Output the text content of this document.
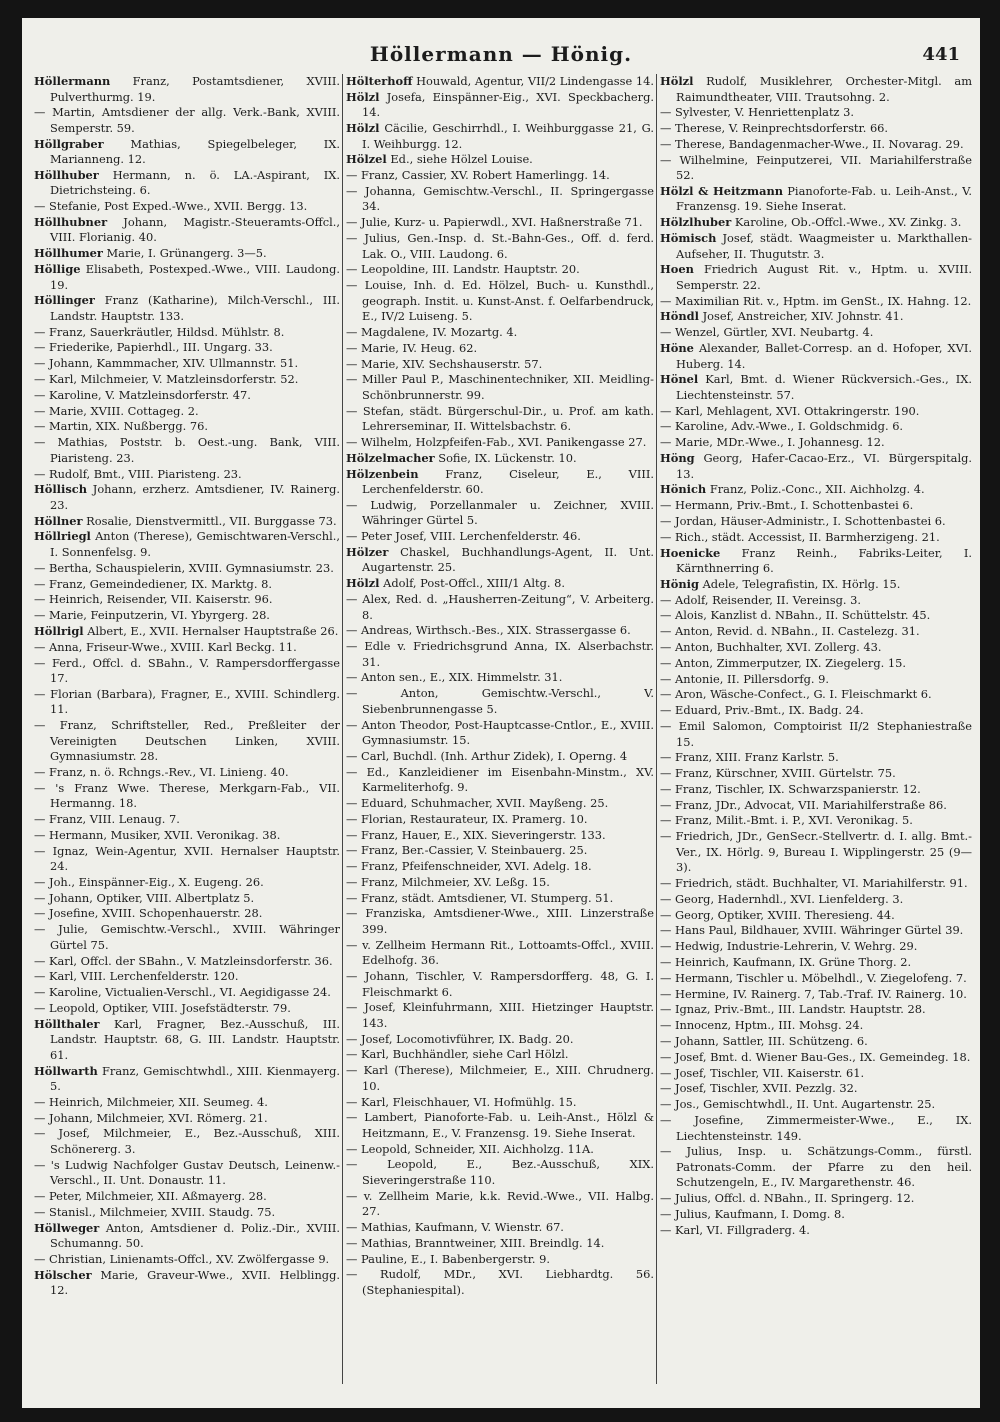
Höllermann — Hönig.	441

Höllermann Franz, Postamtsdiener, XVIII. Pulverthurmg. 19.

— Martin, Amtsdiener der allg. Verk.-Bank, XVIII. Semperstr. 59.

Höllgraber Mathias, Spiegelbeleger, IX. Marianneng. 12.

Höllhuber Hermann, n. ö. LA.-Aspirant, IX. Dietrichsteing. 6.

— Stefanie, Post Exped.-Wwe., XVII. Bergg. 13.

Höllhubner Johann, Magistr.-Steueramts-Offcl., VIII. Florianig. 40.

Höllhumer Marie, I. Grünangerg. 3—5.

Höllige Elisabeth, Postexped.-Wwe., VIII. Laudong. 19.

Höllinger Franz (Katharine), Milch-Verschl., III. Landstr. Hauptstr. 133.

— Franz, Sauerkräutler, Hildsd. Mühlstr. 8.

— Friederike, Papierhdl., III. Ungarg. 33.

— Johann, Kammmacher, XIV. Ullmannstr. 51.

— Karl, Milchmeier, V. Matzleinsdorferstr. 52.

— Karoline, V. Matzleinsdorferstr. 47.

— Marie, XVIII. Cottageg. 2.

— Martin, XIX. Nußbergg. 76.

— Mathias, Poststr. b. Oest.-ung. Bank, VIII. Piaristeng. 23.

— Rudolf, Bmt., VIII. Piaristeng. 23.

Höllisch Johann, erzherz. Amtsdiener, IV. Rainerg. 23.

Höllner Rosalie, Dienstvermittl., VII. Burggasse 73.

Höllriegl Anton (Therese), Gemischtwaren-Verschl., I. Sonnenfelsg. 9.

— Bertha, Schauspielerin, XVIII. Gymnasiumstr. 23.

— Franz, Gemeindediener, IX. Marktg. 8.

— Heinrich, Reisender, VII. Kaiserstr. 96.

— Marie, Feinputzerin, VI. Ybyrgerg. 28.

Höllrigl Albert, E., XVII. Hernalser Hauptstraße 26.

— Anna, Friseur-Wwe., XVIII. Karl Beckg. 11.

— Ferd., Offcl. d. SBahn., V. Rampersdorffergasse 17.

— Florian (Barbara), Fragner, E., XVIII. Schindlerg. 11.

— Franz, Schriftsteller, Red., Preßleiter der Vereinigten Deutschen Linken, XVIII. Gymnasiumstr. 28.

— Franz, n. ö. Rchngs.-Rev., VI. Linieng. 40.

— 's Franz Wwe. Therese, Merkgarn-Fab., VII. Hermanng. 18.

— Franz, VIII. Lenaug. 7.

— Hermann, Musiker, XVII. Veronikag. 38.

— Ignaz, Wein-Agentur, XVII. Hernalser Hauptstr. 24.

— Joh., Einspänner-Eig., X. Eugeng. 26.

— Johann, Optiker, VIII. Albertplatz 5.

— Josefine, XVIII. Schopenhauerstr. 28.

— Julie, Gemischtw.-Verschl., XVIII. Währinger Gürtel 75.

— Karl, Offcl. der SBahn., V. Matzleinsdorferstr. 36.

— Karl, VIII. Lerchenfelderstr. 120.

— Karoline, Victualien-Verschl., VI. Aegidigasse 24.

— Leopold, Optiker, VIII. Josefstädterstr. 79.

Höllthaler Karl, Fragner, Bez.-Ausschuß, III. Landstr. Hauptstr. 68, G. III. Landstr. Hauptstr. 61.

Höllwarth Franz, Gemischtwhdl., XIII. Kienmayerg. 5.

— Heinrich, Milchmeier, XII. Seumeg. 4.

— Johann, Milchmeier, XVI. Römerg. 21.

— Josef, Milchmeier, E., Bez.-Ausschuß, XIII. Schönererg. 3.

— 's Ludwig Nachfolger Gustav Deutsch, Leinenw.-Verschl., II. Unt. Donaustr. 11.

— Peter, Milchmeier, XII. Aßmayerg. 28.

— Stanisl., Milchmeier, XVIII. Staudg. 75.

Höllweger Anton, Amtsdiener d. Poliz.-Dir., XVIII. Schumanng. 50.

— Christian, Linienamts-Offcl., XV. Zwölfergasse 9.

Hölscher Marie, Graveur-Wwe., XVII. Helblingg. 12.

Hölterhoff Houwald, Agentur, VII/2 Lindengasse 14.

Hölzl Josefa, Einspänner-Eig., XVI. Speckbacherg. 14.

Hölzl Cäcilie, Geschirrhdl., I. Weihburggasse 21, G. I. Weihburgg. 12.

Hölzel Ed., siehe Hölzel Louise.

— Franz, Cassier, XV. Robert Hamerlingg. 14.

— Johanna, Gemischtw.-Verschl., II. Springergasse 34.

— Julie, Kurz- u. Papierwdl., XVI. Haßnerstraße 71.

— Julius, Gen.-Insp. d. St.-Bahn-Ges., Off. d. ferd. Lak. O., VIII. Laudong. 6.

— Leopoldine, III. Landstr. Hauptstr. 20.

— Louise, Inh. d. Ed. Hölzel, Buch- u. Kunsthdl., geograph. Instit. u. Kunst-Anst. f. Oelfarbendruck, E., IV/2 Luiseng. 5.

— Magdalene, IV. Mozartg. 4.

— Marie, IV. Heug. 62.

— Marie, XIV. Sechshauserstr. 57.

— Miller Paul P., Maschinentechniker, XII. Meidling-Schönbrunnerstr. 99.

— Stefan, städt. Bürgerschul-Dir., u. Prof. am kath. Lehrerseminar, II. Wittelsbachstr. 6.

— Wilhelm, Holzpfeifen-Fab., XVI. Panikengasse 27.

Hölzelmacher Sofie, IX. Lückenstr. 10.

Hölzenbein Franz, Ciseleur, E., VIII. Lerchenfelderstr. 60.

— Ludwig, Porzellanmaler u. Zeichner, XVIII. Währinger Gürtel 5.

— Peter Josef, VIII. Lerchenfelderstr. 46.

Hölzer Chaskel, Buchhandlungs-Agent, II. Unt. Augartenstr. 25.

Hölzl Adolf, Post-Offcl., XIII/1 Altg. 8.

— Alex, Red. d. „Hausherren-Zeitung“, V. Arbeiterg. 8.

— Andreas, Wirthsch.-Bes., XIX. Strassergasse 6.

— Edle v. Friedrichsgrund Anna, IX. Alserbachstr. 31.

— Anton sen., E., XIX. Himmelstr. 31.

— Anton, Gemischtw.-Verschl., V. Siebenbrunnengasse 5.

— Anton Theodor, Post-Hauptcasse-Cntlor., E., XVIII. Gymnasiumstr. 15.

— Carl, Buchdl. (Inh. Arthur Zidek), I. Operng. 4

— Ed., Kanzleidiener im Eisenbahn-Minstm., XV. Karmeliterhofg. 9.

— Eduard, Schuhmacher, XVII. Mayßeng. 25.

— Florian, Restaurateur, IX. Pramerg. 10.

— Franz, Hauer, E., XIX. Sieveringerstr. 133.

— Franz, Ber.-Cassier, V. Steinbauerg. 25.

— Franz, Pfeifenschneider, XVI. Adelg. 18.

— Franz, Milchmeier, XV. Leßg. 15.

— Franz, städt. Amtsdiener, VI. Stumperg. 51.

— Franziska, Amtsdiener-Wwe., XIII. Linzerstraße 399.

— v. Zellheim Hermann Rit., Lottoamts-Offcl., XVIII. Edelhofg. 36.

— Johann, Tischler, V. Rampersdorfferg. 48, G. I. Fleischmarkt 6.

— Josef, Kleinfuhrmann, XIII. Hietzinger Hauptstr. 143.

— Josef, Locomotivführer, IX. Badg. 20.

— Karl, Buchhändler, siehe Carl Hölzl.

— Karl (Therese), Milchmeier, E., XIII. Chrudnerg. 10.

— Karl, Fleischhauer, VI. Hofmühlg. 15.

— Lambert, Pianoforte-Fab. u. Leih-Anst., Hölzl & Heitzmann, E., V. Franzensg. 19. Siehe Inserat.

— Leopold, Schneider, XII. Aichholzg. 11A.

— Leopold, E., Bez.-Ausschuß, XIX. Sieveringerstraße 110.

— v. Zellheim Marie, k.k. Revid.-Wwe., VII. Halbg. 27.

— Mathias, Kaufmann, V. Wienstr. 67.

— Mathias, Branntweiner, XIII. Breindlg. 14.

— Pauline, E., I. Babenbergerstr. 9.

— Rudolf, MDr., XVI. Liebhardtg. 56. (Stephaniespital).

Hölzl Rudolf, Musiklehrer, Orchester-Mitgl. am Raimundtheater, VIII. Trautsohng. 2.

— Sylvester, V. Henriettenplatz 3.

— Therese, V. Reinprechtsdorferstr. 66.

— Therese, Bandagenmacher-Wwe., II. Novarag. 29.

— Wilhelmine, Feinputzerei, VII. Mariahilferstraße 52.

Hölzl & Heitzmann Pianoforte-Fab. u. Leih-Anst., V. Franzensg. 19. Siehe Inserat.

Hölzlhuber Karoline, Ob.-Offcl.-Wwe., XV. Zinkg. 3.

Hömisch Josef, städt. Waagmeister u. Markthallen-Aufseher, II. Thugutstr. 3.

Hoen Friedrich August Rit. v., Hptm. u. XVIII. Semperstr. 22.

— Maximilian Rit. v., Hptm. im GenSt., IX. Hahng. 12.

Höndl Josef, Anstreicher, XIV. Johnstr. 41.

— Wenzel, Gürtler, XVI. Neubartg. 4.

Höne Alexander, Ballet-Corresp. an d. Hofoper, XVI. Huberg. 14.

Hönel Karl, Bmt. d. Wiener Rückversich.-Ges., IX. Liechtensteinstr. 57.

— Karl, Mehlagent, XVI. Ottakringerstr. 190.

— Karoline, Adv.-Wwe., I. Goldschmidg. 6.

— Marie, MDr.-Wwe., I. Johannesg. 12.

Höng Georg, Hafer-Cacao-Erz., VI. Bürgerspitalg. 13.

Hönich Franz, Poliz.-Conc., XII. Aichholzg. 4.

— Hermann, Priv.-Bmt., I. Schottenbastei 6.

— Jordan, Häuser-Administr., I. Schottenbastei 6.

— Rich., städt. Accessist, II. Barmherzigeng. 21.

Hoenicke Franz Reinh., Fabriks-Leiter, I. Kärnthnerring 6.

Hönig Adele, Telegrafistin, IX. Hörlg. 15.

— Adolf, Reisender, II. Vereinsg. 3.

— Alois, Kanzlist d. NBahn., II. Schüttelstr. 45.

— Anton, Revid. d. NBahn., II. Castelezg. 31.

— Anton, Buchhalter, XVI. Zollerg. 43.

— Anton, Zimmerputzer, IX. Ziegelerg. 15.

— Antonie, II. Pillersdorfg. 9.

— Aron, Wäsche-Confect., G. I. Fleischmarkt 6.

— Eduard, Priv.-Bmt., IX. Badg. 24.

— Emil Salomon, Comptoirist II/2 Stephaniestraße 15.

— Franz, XIII. Franz Karlstr. 5.

— Franz, Kürschner, XVIII. Gürtelstr. 75.

— Franz, Tischler, IX. Schwarzspanierstr. 12.

— Franz, JDr., Advocat, VII. Mariahilferstraße 86.

— Franz, Milit.-Bmt. i. P., XVI. Veronikag. 5.

— Friedrich, JDr., GenSecr.-Stellvertr. d. I. allg. Bmt.-Ver., IX. Hörlg. 9, Bureau I. Wipplingerstr. 25 (9—3).

— Friedrich, städt. Buchhalter, VI. Mariahilferstr. 91.

— Georg, Hadernhdl., XVI. Lienfelderg. 3.

— Georg, Optiker, XVIII. Theresieng. 44.

— Hans Paul, Bildhauer, XVIII. Währinger Gürtel 39.

— Hedwig, Industrie-Lehrerin, V. Wehrg. 29.

— Heinrich, Kaufmann, IX. Grüne Thorg. 2.

— Hermann, Tischler u. Möbelhdl., V. Ziegelofeng. 7.

— Hermine, IV. Rainerg. 7, Tab.-Traf. IV. Rainerg. 10.

— Ignaz, Priv.-Bmt., III. Landstr. Hauptstr. 28.

— Innocenz, Hptm., III. Mohsg. 24.

— Johann, Sattler, III. Schützeng. 6.

— Josef, Bmt. d. Wiener Bau-Ges., IX. Gemeindeg. 18.

— Josef, Tischler, VII. Kaiserstr. 61.

— Josef, Tischler, XVII. Pezzlg. 32.

— Jos., Gemischtwhdl., II. Unt. Augartenstr. 25.

— Josefine, Zimmermeister-Wwe., E., IX. Liechtensteinstr. 149.

— Julius, Insp. u. Schätzungs-Comm., fürstl. Patronats-Comm. der Pfarre zu den heil. Schutzengeln, E., IV. Margarethenstr. 46.

— Julius, Offcl. d. NBahn., II. Springerg. 12.

— Julius, Kaufmann, I. Domg. 8.

— Karl, VI. Fillgraderg. 4.
